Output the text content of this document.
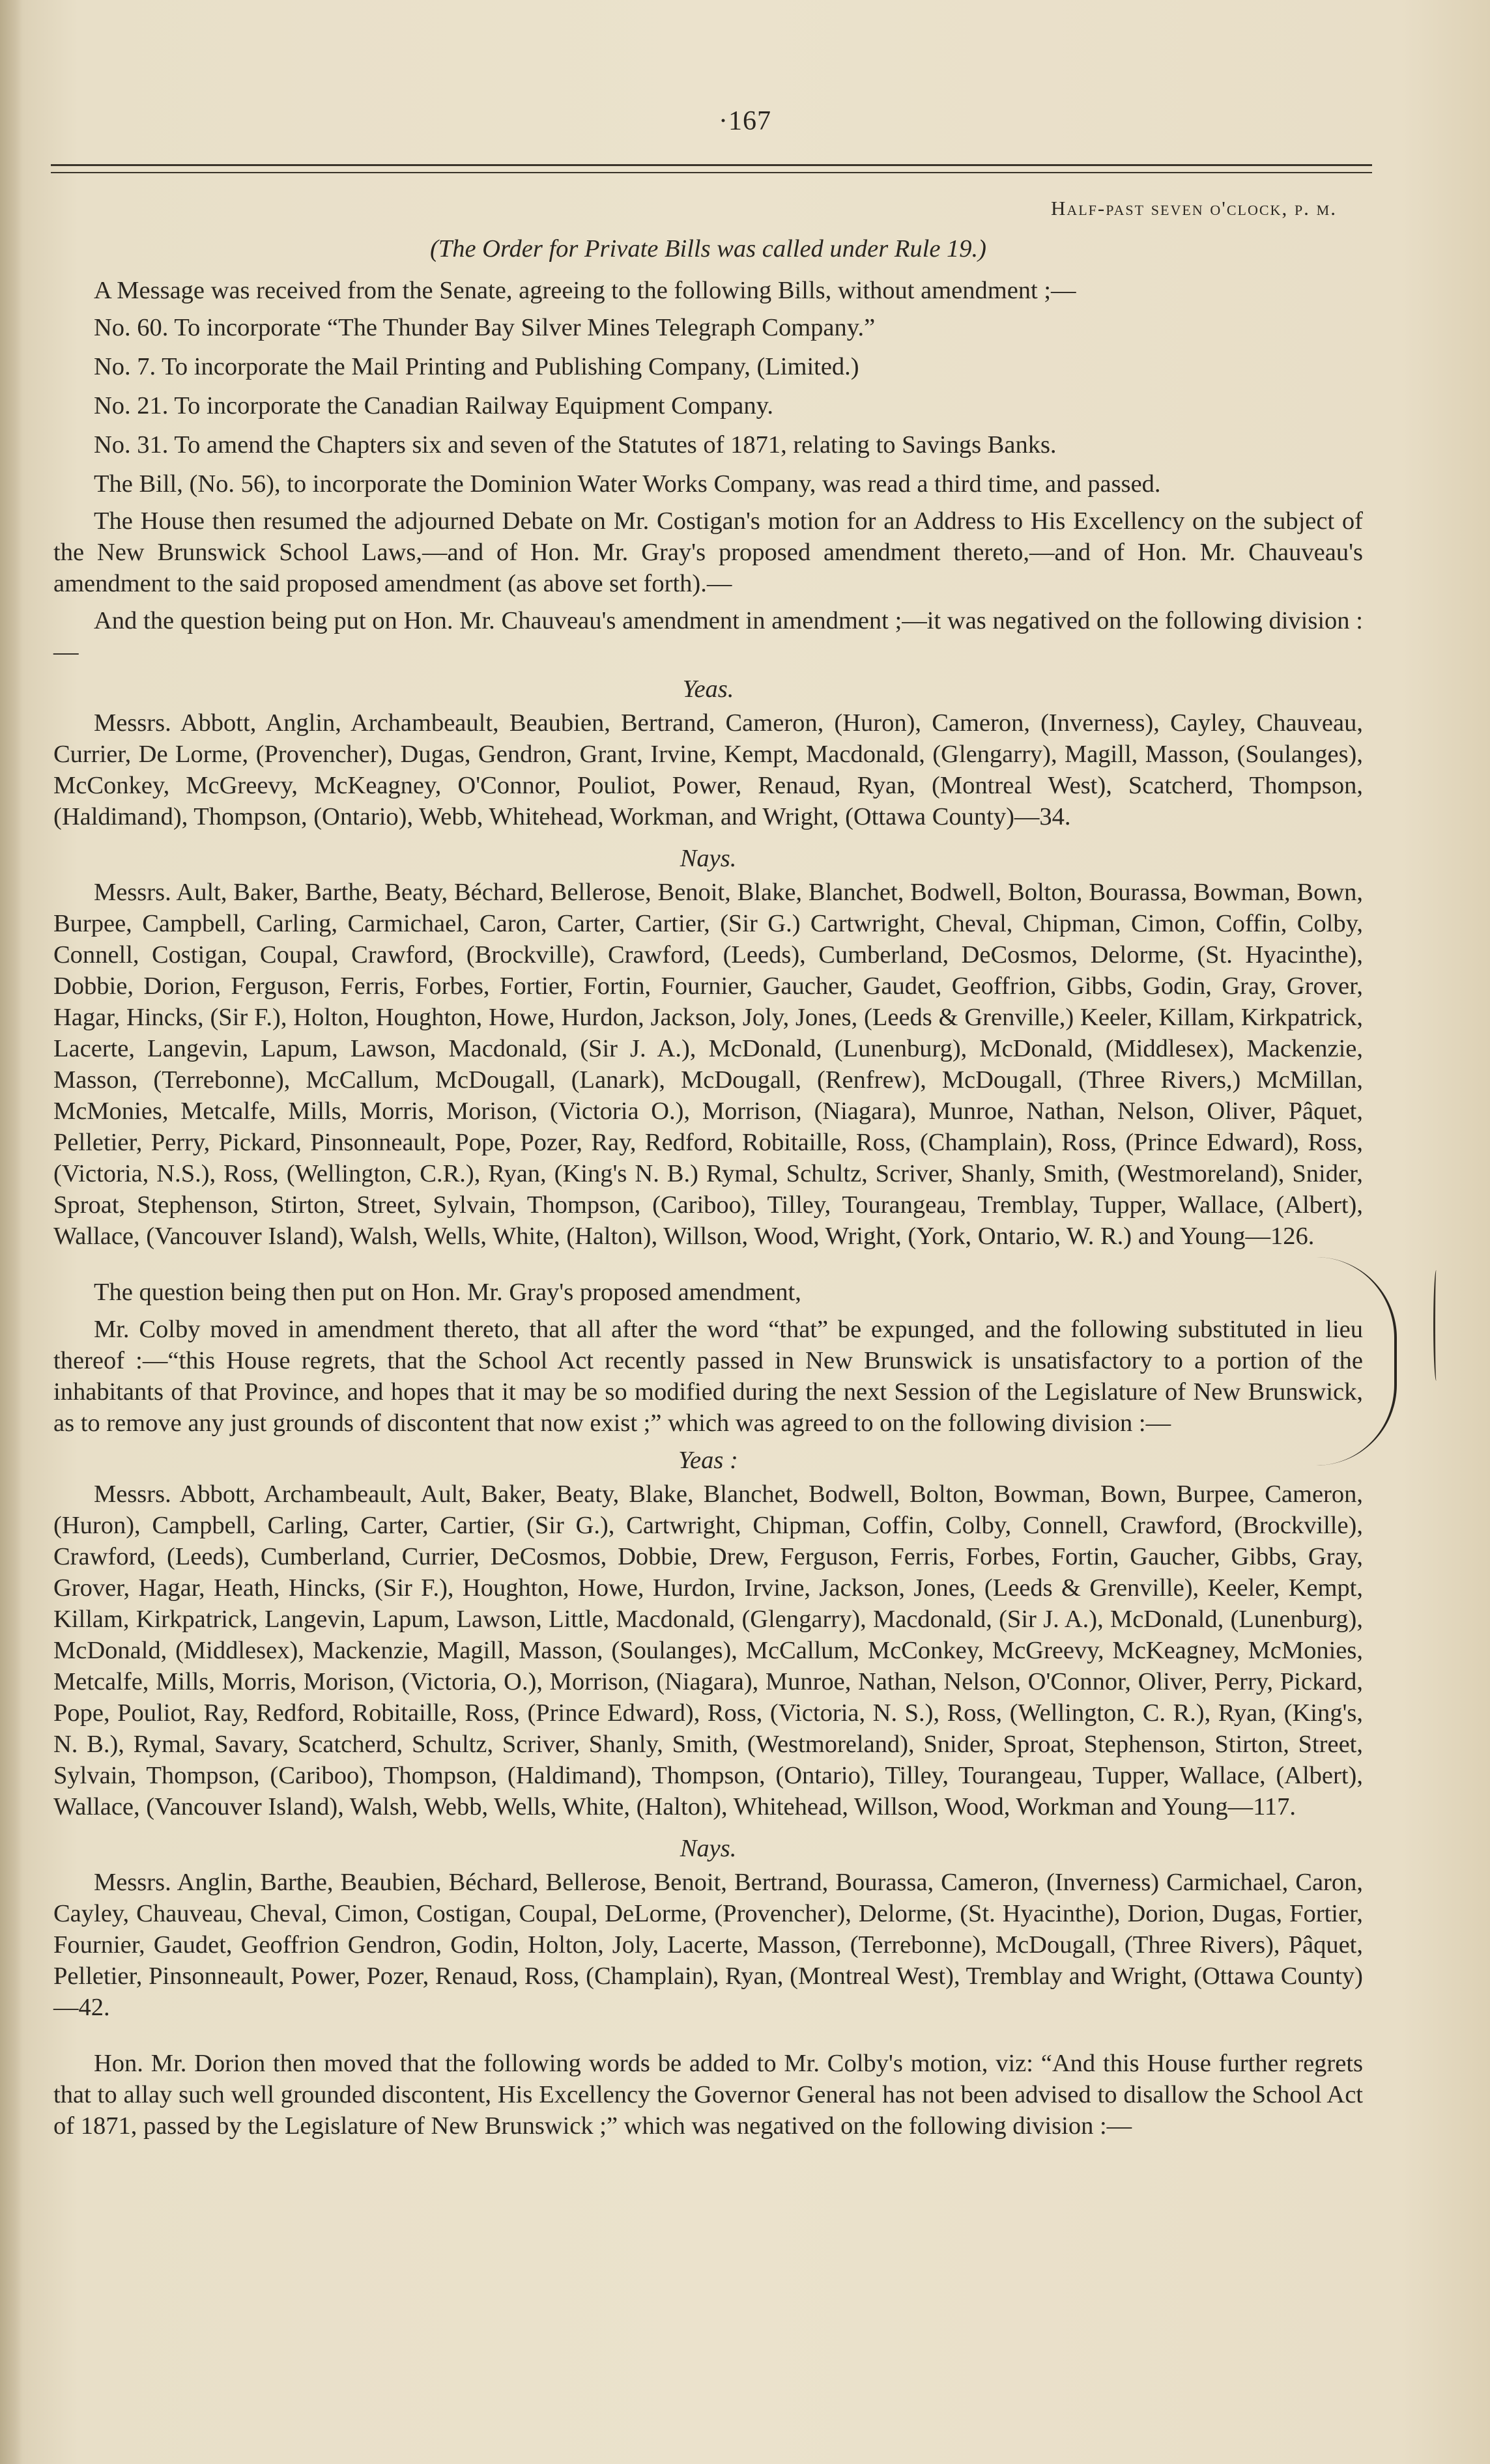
·167
Half-past seven o'clock, p. m.
(The Order for Private Bills was called under Rule 19.)

A Message was received from the Senate, agreeing to the following Bills, without amendment ;—

No. 60. To incorporate “The Thunder Bay Silver Mines Telegraph Company.”

No. 7. To incorporate the Mail Printing and Publishing Company, (Limited.)

No. 21. To incorporate the Canadian Railway Equipment Company.

No. 31. To amend the Chapters six and seven of the Statutes of 1871, relating to Savings Banks.

The Bill, (No. 56), to incorporate the Dominion Water Works Company, was read a third time, and passed.

The House then resumed the adjourned Debate on Mr. Costigan's motion for an Address to His Excellency on the subject of the New Brunswick School Laws,—and of Hon. Mr. Gray's proposed amendment thereto,—and of Hon. Mr. Chauveau's amendment to the said proposed amendment (as above set forth).—

And the question being put on Hon. Mr. Chauveau's amendment in amendment ;—it was negatived on the following division :—

Yeas.
Messrs. Abbott, Anglin, Archambeault, Beaubien, Bertrand, Cameron, (Huron), Cameron, (Inverness), Cayley, Chauveau, Currier, De Lorme, (Provencher), Dugas, Gendron, Grant, Irvine, Kempt, Macdonald, (Glengarry), Magill, Masson, (Soulanges), McConkey, McGreevy, McKeagney, O'Connor, Pouliot, Power, Renaud, Ryan, (Montreal West), Scatcherd, Thompson, (Haldimand), Thompson, (Ontario), Webb, Whitehead, Workman, and Wright, (Ottawa County)—34.
Nays.
Messrs. Ault, Baker, Barthe, Beaty, Béchard, Bellerose, Benoit, Blake, Blanchet, Bodwell, Bolton, Bourassa, Bowman, Bown, Burpee, Campbell, Carling, Carmichael, Caron, Carter, Cartier, (Sir G.) Cartwright, Cheval, Chipman, Cimon, Coffin, Colby, Connell, Costigan, Coupal, Crawford, (Brockville), Crawford, (Leeds), Cumberland, DeCosmos, Delorme, (St. Hyacinthe), Dobbie, Dorion, Ferguson, Ferris, Forbes, Fortier, Fortin, Fournier, Gaucher, Gaudet, Geoffrion, Gibbs, Godin, Gray, Grover, Hagar, Hincks, (Sir F.), Holton, Houghton, Howe, Hurdon, Jackson, Joly, Jones, (Leeds & Grenville,) Keeler, Killam, Kirkpatrick, Lacerte, Langevin, Lapum, Lawson, Macdonald, (Sir J. A.), McDonald, (Lunenburg), McDonald, (Middlesex), Mackenzie, Masson, (Terrebonne), McCallum, McDougall, (Lanark), McDougall, (Renfrew), McDougall, (Three Rivers,) McMillan, McMonies, Metcalfe, Mills, Morris, Morison, (Victoria O.), Morrison, (Niagara), Munroe, Nathan, Nelson, Oliver, Pâquet, Pelletier, Perry, Pickard, Pinsonneault, Pope, Pozer, Ray, Redford, Robitaille, Ross, (Champlain), Ross, (Prince Edward), Ross, (Victoria, N.S.), Ross, (Wellington, C.R.), Ryan, (King's N. B.) Rymal, Schultz, Scriver, Shanly, Smith, (Westmoreland), Snider, Sproat, Stephenson, Stirton, Street, Sylvain, Thompson, (Cariboo), Tilley, Tourangeau, Tremblay, Tupper, Wallace, (Albert), Wallace, (Vancouver Island), Walsh, Wells, White, (Halton), Willson, Wood, Wright, (York, Ontario, W. R.) and Young—126.

The question being then put on Hon. Mr. Gray's proposed amendment,

Mr. Colby moved in amendment thereto, that all after the word “that” be expunged, and the following substituted in lieu thereof :—“this House regrets, that the School Act recently passed in New Brunswick is unsatisfactory to a portion of the inhabitants of that Province, and hopes that it may be so modified during the next Session of the Legislature of New Brunswick, as to remove any just grounds of discontent that now exist ;” which was agreed to on the following division :—

Yeas :
Messrs. Abbott, Archambeault, Ault, Baker, Beaty, Blake, Blanchet, Bodwell, Bolton, Bowman, Bown, Burpee, Cameron, (Huron), Campbell, Carling, Carter, Cartier, (Sir G.), Cartwright, Chipman, Coffin, Colby, Connell, Crawford, (Brockville), Crawford, (Leeds), Cumberland, Currier, DeCosmos, Dobbie, Drew, Ferguson, Ferris, Forbes, Fortin, Gaucher, Gibbs, Gray, Grover, Hagar, Heath, Hincks, (Sir F.), Houghton, Howe, Hurdon, Irvine, Jackson, Jones, (Leeds & Grenville), Keeler, Kempt, Killam, Kirkpatrick, Langevin, Lapum, Lawson, Little, Macdonald, (Glengarry), Macdonald, (Sir J. A.), McDonald, (Lunenburg), McDonald, (Middlesex), Mackenzie, Magill, Masson, (Soulanges), McCallum, McConkey, McGreevy, McKeagney, McMonies, Metcalfe, Mills, Morris, Morison, (Victoria, O.), Morrison, (Niagara), Munroe, Nathan, Nelson, O'Connor, Oliver, Perry, Pickard, Pope, Pouliot, Ray, Redford, Robitaille, Ross, (Prince Edward), Ross, (Victoria, N. S.), Ross, (Wellington, C. R.), Ryan, (King's, N. B.), Rymal, Savary, Scatcherd, Schultz, Scriver, Shanly, Smith, (Westmoreland), Snider, Sproat, Stephenson, Stirton, Street, Sylvain, Thompson, (Cariboo), Thompson, (Haldimand), Thompson, (Ontario), Tilley, Tourangeau, Tupper, Wallace, (Albert), Wallace, (Vancouver Island), Walsh, Webb, Wells, White, (Halton), Whitehead, Willson, Wood, Workman and Young—117.
Nays.
Messrs. Anglin, Barthe, Beaubien, Béchard, Bellerose, Benoit, Bertrand, Bourassa, Cameron, (Inverness) Carmichael, Caron, Cayley, Chauveau, Cheval, Cimon, Costigan, Coupal, DeLorme, (Provencher), Delorme, (St. Hyacinthe), Dorion, Dugas, Fortier, Fournier, Gaudet, Geoffrion Gendron, Godin, Holton, Joly, Lacerte, Masson, (Terrebonne), McDougall, (Three Rivers), Pâquet, Pelletier, Pinsonneault, Power, Pozer, Renaud, Ross, (Champlain), Ryan, (Montreal West), Tremblay and Wright, (Ottawa County)—42.

Hon. Mr. Dorion then moved that the following words be added to Mr. Colby's motion, viz: “And this House further regrets that to allay such well grounded discontent, His Excellency the Governor General has not been advised to disallow the School Act of 1871, passed by the Legislature of New Brunswick ;” which was negatived on the following division :—
